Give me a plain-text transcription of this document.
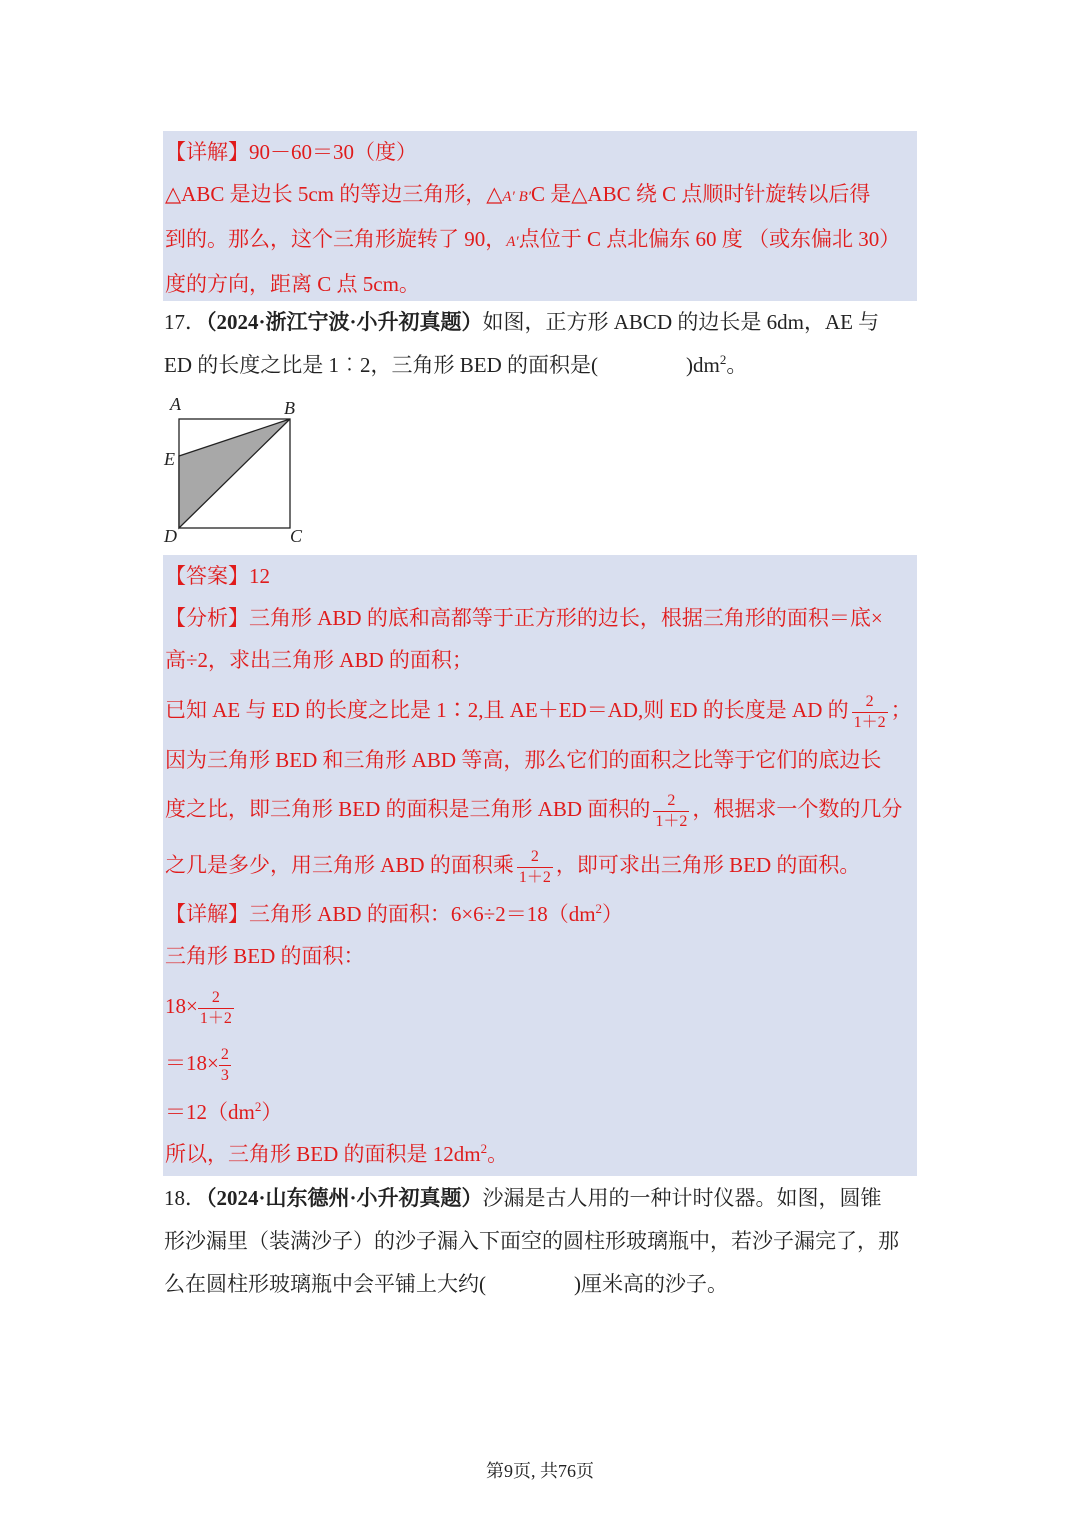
【详解】90－60＝30（度）
△ABC 是边长 5cm 的等边三角形，△A′ B′C 是△ABC 绕 C 点顺时针旋转以后得
到的。那么，这个三角形旋转了 90，A′点位于 C 点北偏东 60 度 （或东偏北 30）
度的方向，距离 C 点 5cm。
17．（2024·浙江宁波·小升初真题）如图，正方形 ABCD 的边长是 6dm，AE 与
ED 的长度之比是 1︰2，三角形 BED 的面积是(	)$dm^2$。
A	B
E
D	C
【答案】12
【分析】三角形 ABD 的底和高都等于正方形的边长，根据三角形的面积＝底×
高÷2，求出三角形 ABD 的面积；
已知 AE 与 ED 的长度之比是 1∶2,且 AE＋ED＝AD,则 ED 的长度是 AD 的 $\frac{2}{1+2}$ ；
因为三角形 BED 和三角形 ABD 等高，那么它们的面积之比等于它们的底边长
度之比，即三角形 BED 的面积是三角形 ABD 面积的 $\frac{2}{1+2}$ ，根据求一个数的几分
之几是多少，用三角形 ABD 的面积乘 $\frac{2}{1+2}$ ，即可求出三角形 BED 的面积。
【详解】三角形 ABD 的面积：$6\times 6\div 2=18(dm^2)$
三角形 BED 的面积：
$18\times \frac{2}{1+2}$
$=18\times \frac{2}{3}$
$=12(dm^2)$
所以，三角形 BED 的面积是 $12dm^2$。
18．（2024·山东德州·小升初真题）沙漏是古人用的一种计时仪器。如图，圆锥
形沙漏里（装满沙子）的沙子漏入下面空的圆柱形玻璃瓶中，若沙子漏完了，那
么在圆柱形玻璃瓶中会平铺上大约(	)厘米高的沙子。
第9页, 共76页
